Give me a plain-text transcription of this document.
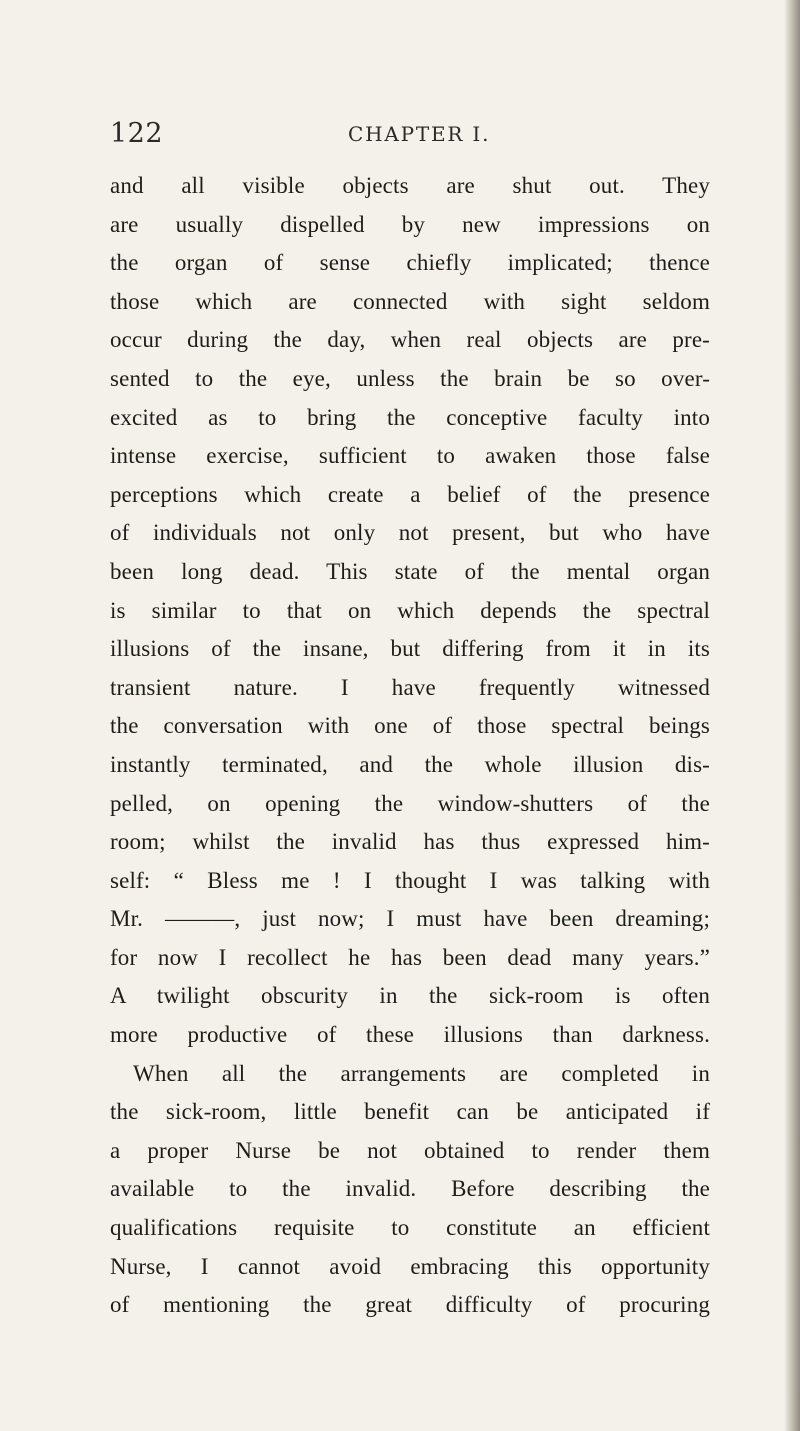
122	CHAPTER I.
and all visible objects are shut out. They
are usually dispelled by new impressions on
the organ of sense chiefly implicated; thence
those which are connected with sight seldom
occur during the day, when real objects are pre-
sented to the eye, unless the brain be so over-
excited as to bring the conceptive faculty into
intense exercise, sufficient to awaken those false
perceptions which create a belief of the presence
of individuals not only not present, but who have
been long dead. This state of the mental organ
is similar to that on which depends the spectral
illusions of the insane, but differing from it in its
transient nature. I have frequently witnessed
the conversation with one of those spectral beings
instantly terminated, and the whole illusion dis-
pelled, on opening the window-shutters of the
room; whilst the invalid has thus expressed him-
self: “ Bless me ! I thought I was talking with
Mr. ———, just now; I must have been dreaming;
for now I recollect he has been dead many years.”
A twilight obscurity in the sick-room is often
more productive of these illusions than darkness.
When all the arrangements are completed in
the sick-room, little benefit can be anticipated if
a proper Nurse be not obtained to render them
available to the invalid. Before describing the
qualifications requisite to constitute an efficient
Nurse, I cannot avoid embracing this opportunity
of mentioning the great difficulty of procuring
